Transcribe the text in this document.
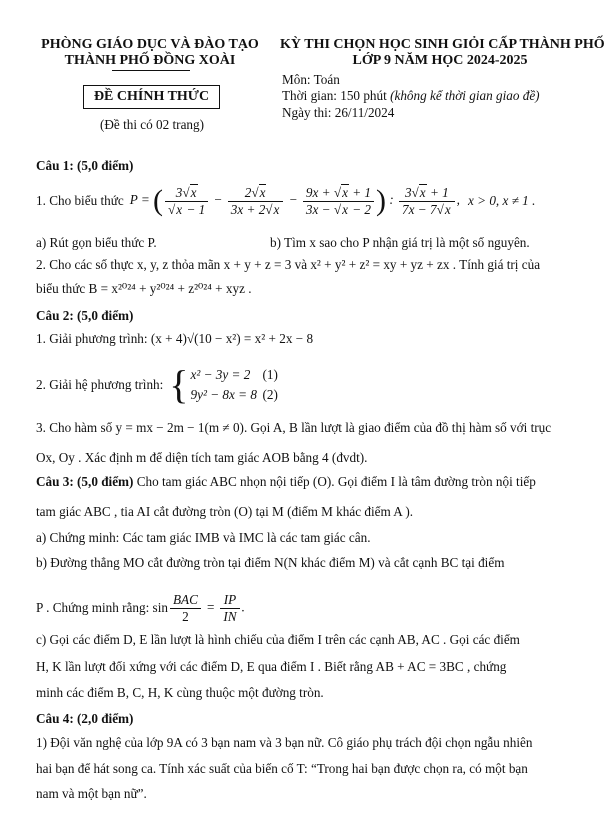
PHÒNG GIÁO DỤC VÀ ĐÀO TẠO
THÀNH PHỐ ĐỒNG XOÀI
ĐỀ CHÍNH THỨC
(Đề thi có 02 trang)
KỲ THI CHỌN HỌC SINH GIỎI CẤP THÀNH PHỐ
LỚP 9 NĂM HỌC 2024-2025
Môn: Toán
Thời gian: 150 phút (không kể thời gian giao đề)
Ngày thi: 26/11/2024
Câu 1: (5,0 điểm)
1. Cho biểu thức P = ( $\frac{3√x}{√x - 1} - \frac{2√x}{3x + 2√x} - \frac{9x + √x + 1}{3x - √x - 2}$ ) : $\frac{3√x + 1}{7x - 7√x}$ , x > 0, x ≠ 1 .
a) Rút gọn biểu thức P.	b) Tìm x sao cho P nhận giá trị là một số nguyên.
2. Cho các số thực x, y, z thỏa mãn x + y + z = 3 và x² + y² + z² = xy + yz + zx . Tính giá trị của
biểu thức B = x²⁰²⁴ + y²⁰²⁴ + z²⁰²⁴ + xyz .
Câu 2: (5,0 điểm)
1. Giải phương trình: (x + 4)√(10 − x²) = x² + 2x − 8
2. Giải hệ phương trình: { x² − 3y = 2 (1)
9y² − 8x = 8 (2)
3. Cho hàm số y = mx − 2m − 1(m ≠ 0). Gọi A, B lần lượt là giao điểm của đồ thị hàm số với trục
Ox, Oy . Xác định m để diện tích tam giác AOB bằng 4 (đvdt).
Câu 3: (5,0 điểm) Cho tam giác ABC nhọn nội tiếp (O). Gọi điểm I là tâm đường tròn nội tiếp
tam giác ABC , tia AI cắt đường tròn (O) tại M (điểm M khác điểm A ).
a) Chứng minh: Các tam giác IMB và IMC là các tam giác cân.
b) Đường thẳng MO cắt đường tròn tại điểm N(N khác điểm M) và cắt cạnh BC tại điểm
P . Chứng minh rằng: $\sin \frac{\text{BAC}}{2} = \frac{IP}{IN}$ .
c) Gọi các điểm D, E lần lượt là hình chiếu của điểm I trên các cạnh AB, AC . Gọi các điểm
H, K lần lượt đối xứng với các điểm D, E qua điểm I . Biết rằng AB + AC = 3BC , chứng
minh các điểm B, C, H, K cùng thuộc một đường tròn.
Câu 4: (2,0 điểm)
1) Đội văn nghệ của lớp 9A có 3 bạn nam và 3 bạn nữ. Cô giáo phụ trách đội chọn ngẫu nhiên
hai bạn để hát song ca. Tính xác suất của biến cố T: “Trong hai bạn được chọn ra, có một bạn
nam và một bạn nữ”.
